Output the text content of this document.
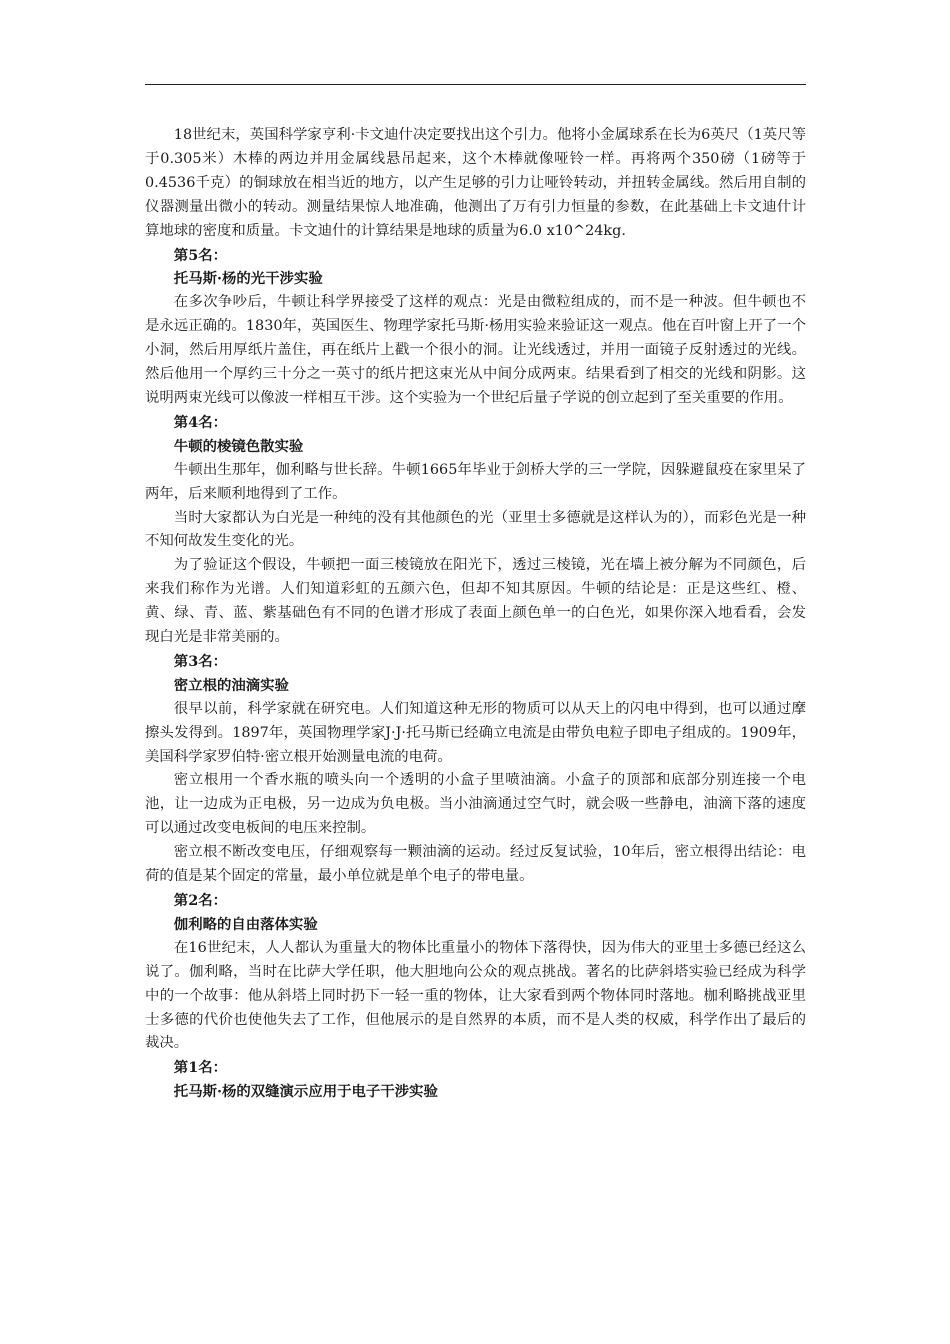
18世纪末，英国科学家亨利·卡文迪什决定要找出这个引力。他将小金属球系在长为6英尺（1英尺等于0.305米）木棒的两边并用金属线悬吊起来，这个木棒就像哑铃一样。再将两个350磅（1磅等于0.4536千克）的铜球放在相当近的地方，以产生足够的引力让哑铃转动，并扭转金属线。然后用自制的仪器测量出微小的转动。测量结果惊人地准确，他测出了万有引力恒量的参数，在此基础上卡文迪什计算地球的密度和质量。卡文迪什的计算结果是地球的质量为6.0 x10^24kg.

第5名：

托马斯·杨的光干涉实验

在多次争吵后，牛顿让科学界接受了这样的观点：光是由微粒组成的，而不是一种波。但牛顿也不是永远正确的。1830年，英国医生、物理学家托马斯·杨用实验来验证这一观点。他在百叶窗上开了一个小洞，然后用厚纸片盖住，再在纸片上戳一个很小的洞。让光线透过，并用一面镜子反射透过的光线。然后他用一个厚约三十分之一英寸的纸片把这束光从中间分成两束。结果看到了相交的光线和阴影。这说明两束光线可以像波一样相互干涉。这个实验为一个世纪后量子学说的创立起到了至关重要的作用。

第4名：

牛顿的棱镜色散实验

牛顿出生那年，伽利略与世长辞。牛顿1665年毕业于剑桥大学的三一学院，因躲避鼠疫在家里呆了两年，后来顺利地得到了工作。

当时大家都认为白光是一种纯的没有其他颜色的光（亚里士多德就是这样认为的），而彩色光是一种不知何故发生变化的光。

为了验证这个假设，牛顿把一面三棱镜放在阳光下，透过三棱镜，光在墙上被分解为不同颜色，后来我们称作为光谱。人们知道彩虹的五颜六色，但却不知其原因。牛顿的结论是：正是这些红、橙、黄、绿、青、蓝、紫基础色有不同的色谱才形成了表面上颜色单一的白色光，如果你深入地看看，会发现白光是非常美丽的。

第3名：

密立根的油滴实验

很早以前，科学家就在研究电。人们知道这种无形的物质可以从天上的闪电中得到，也可以通过摩擦头发得到。1897年，英国物理学家J·J·托马斯已经确立电流是由带负电粒子即电子组成的。1909年，美国科学家罗伯特·密立根开始测量电流的电荷。

密立根用一个香水瓶的喷头向一个透明的小盒子里喷油滴。小盒子的顶部和底部分别连接一个电池，让一边成为正电极，另一边成为负电极。当小油滴通过空气时，就会吸一些静电，油滴下落的速度可以通过改变电板间的电压来控制。

密立根不断改变电压，仔细观察每一颗油滴的运动。经过反复试验，10年后，密立根得出结论：电荷的值是某个固定的常量，最小单位就是单个电子的带电量。

第2名：

伽利略的自由落体实验

在16世纪末，人人都认为重量大的物体比重量小的物体下落得快，因为伟大的亚里士多德已经这么说了。伽利略，当时在比萨大学任职，他大胆地向公众的观点挑战。著名的比萨斜塔实验已经成为科学中的一个故事：他从斜塔上同时扔下一轻一重的物体，让大家看到两个物体同时落地。枷利略挑战亚里士多德的代价也使他失去了工作，但他展示的是自然界的本质，而不是人类的权威，科学作出了最后的裁决。

第1名：

托马斯·杨的双缝演示应用于电子干涉实验
